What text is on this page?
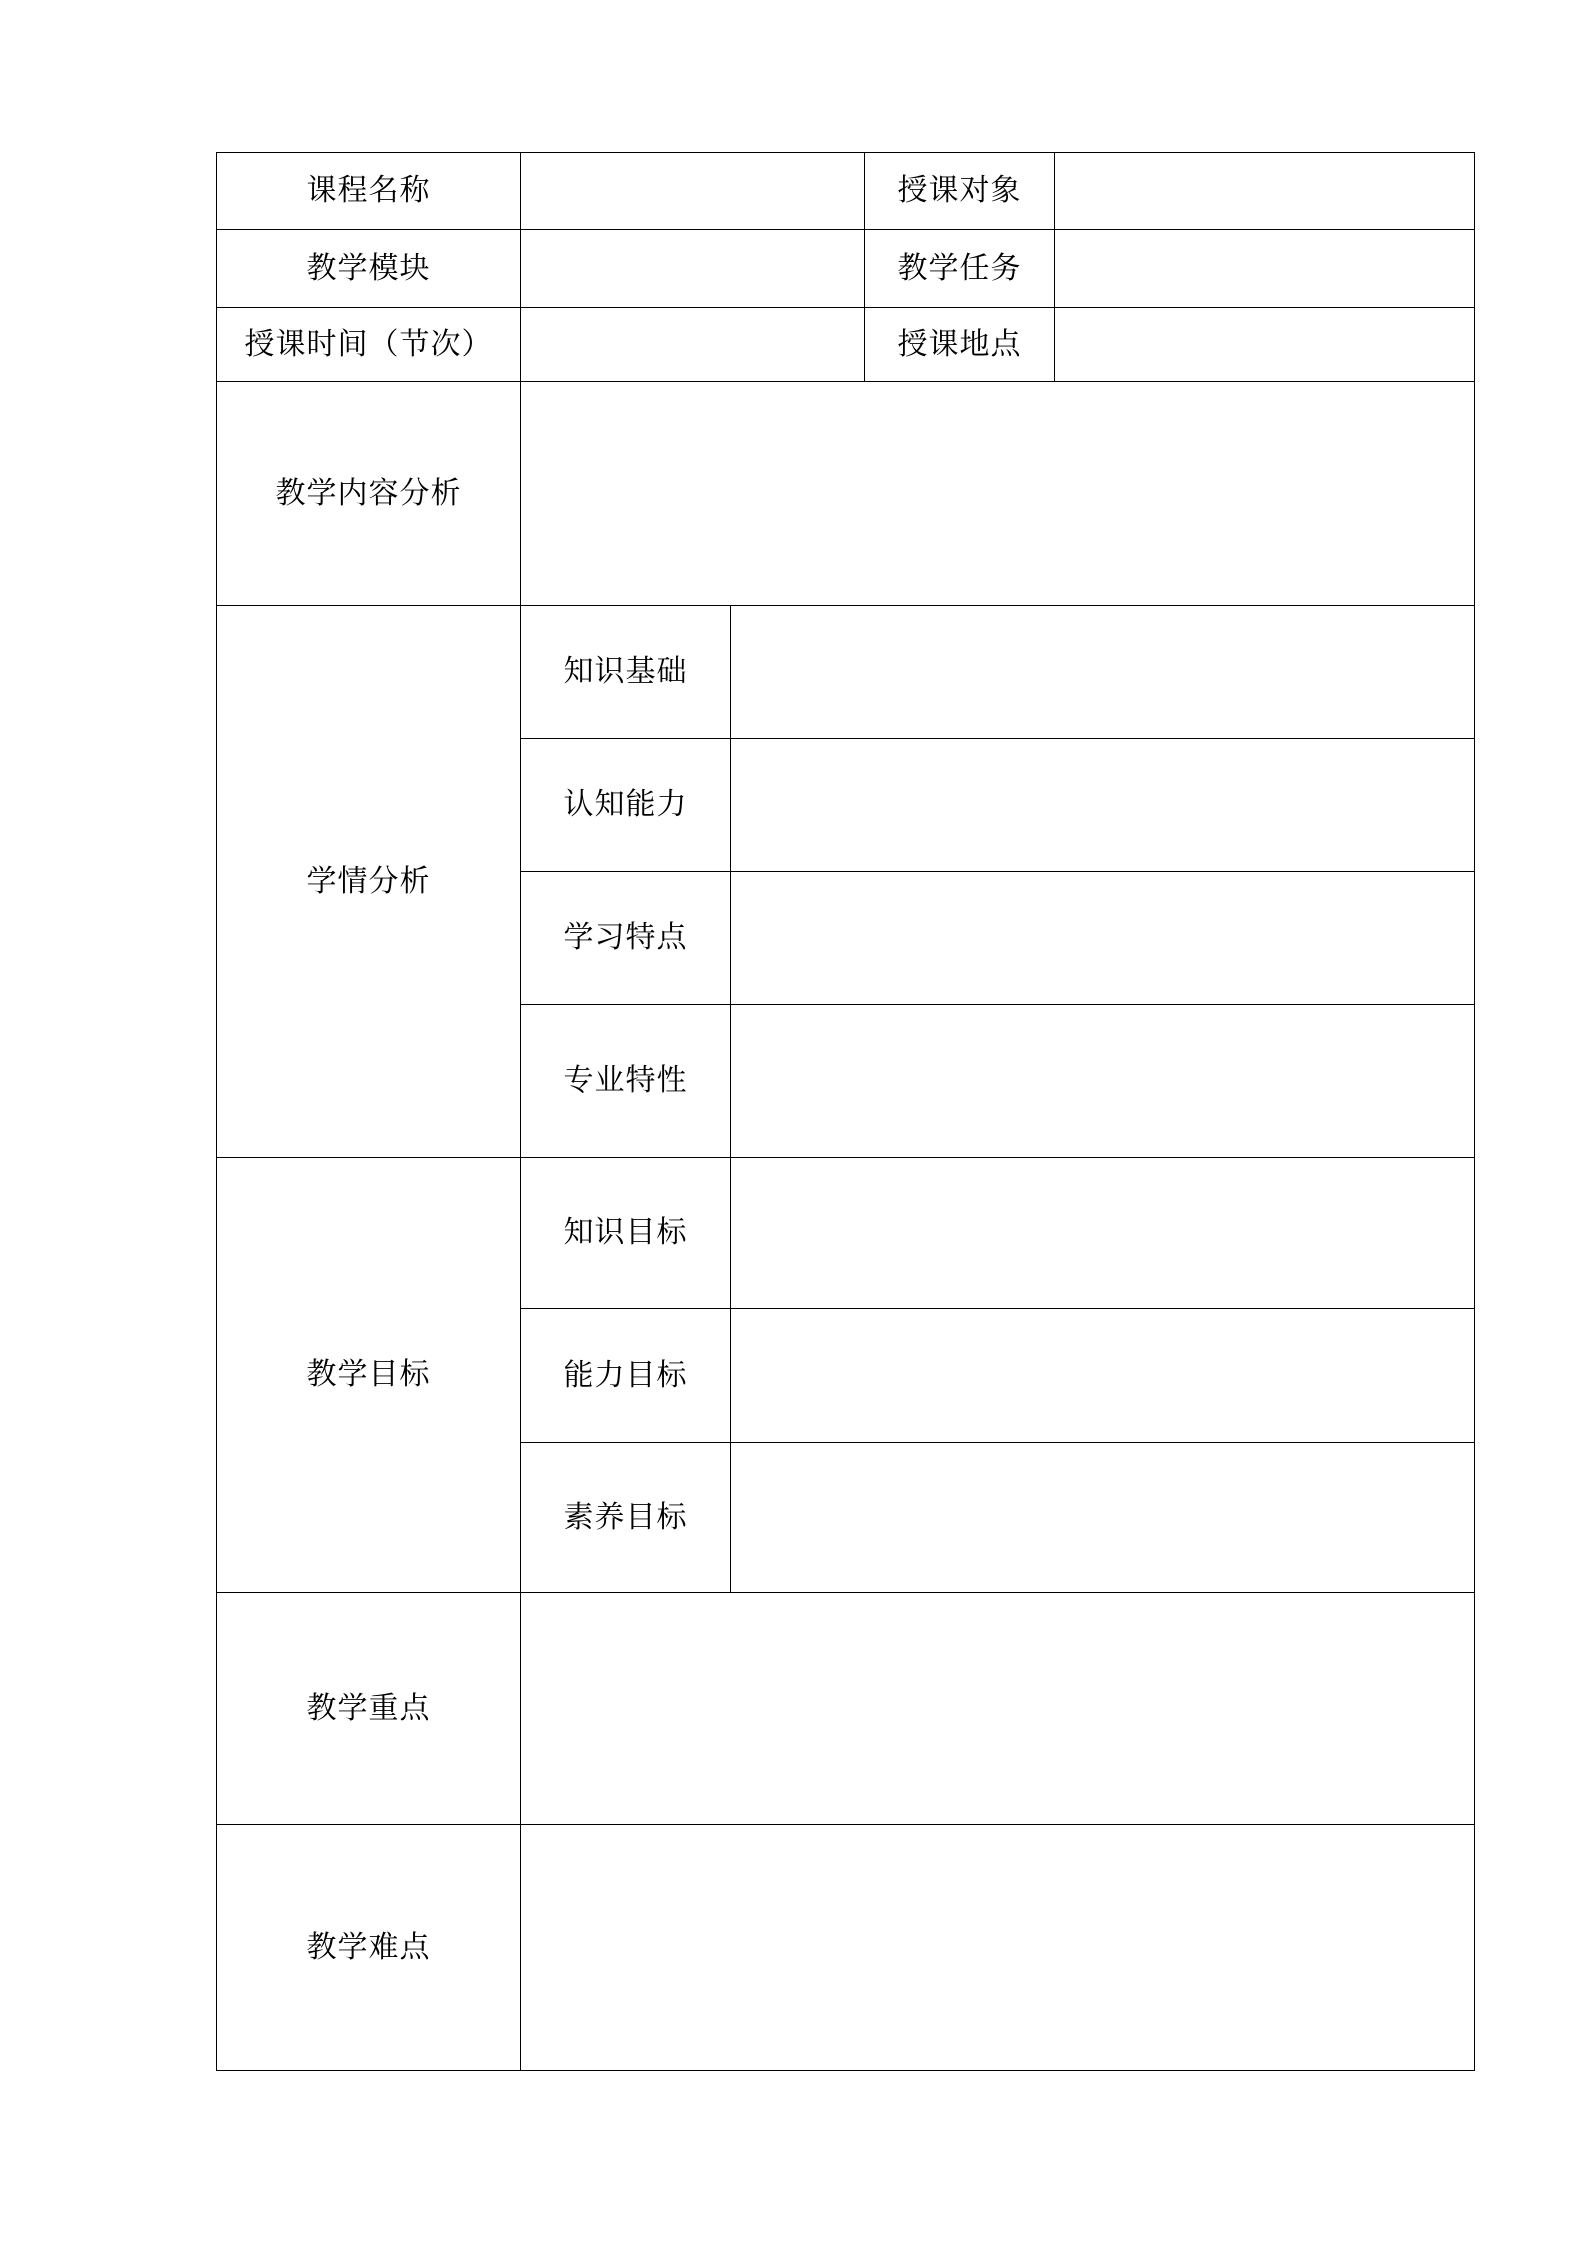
课程名称			授课对象	
教学模块			教学任务	
授课时间（节次）			授课地点	
教学内容分析				
学情分析	知识基础			
	认知能力			
	学习特点			
	专业特性			
教学目标	知识目标			
	能力目标			
	素养目标			
教学重点				
教学难点				
